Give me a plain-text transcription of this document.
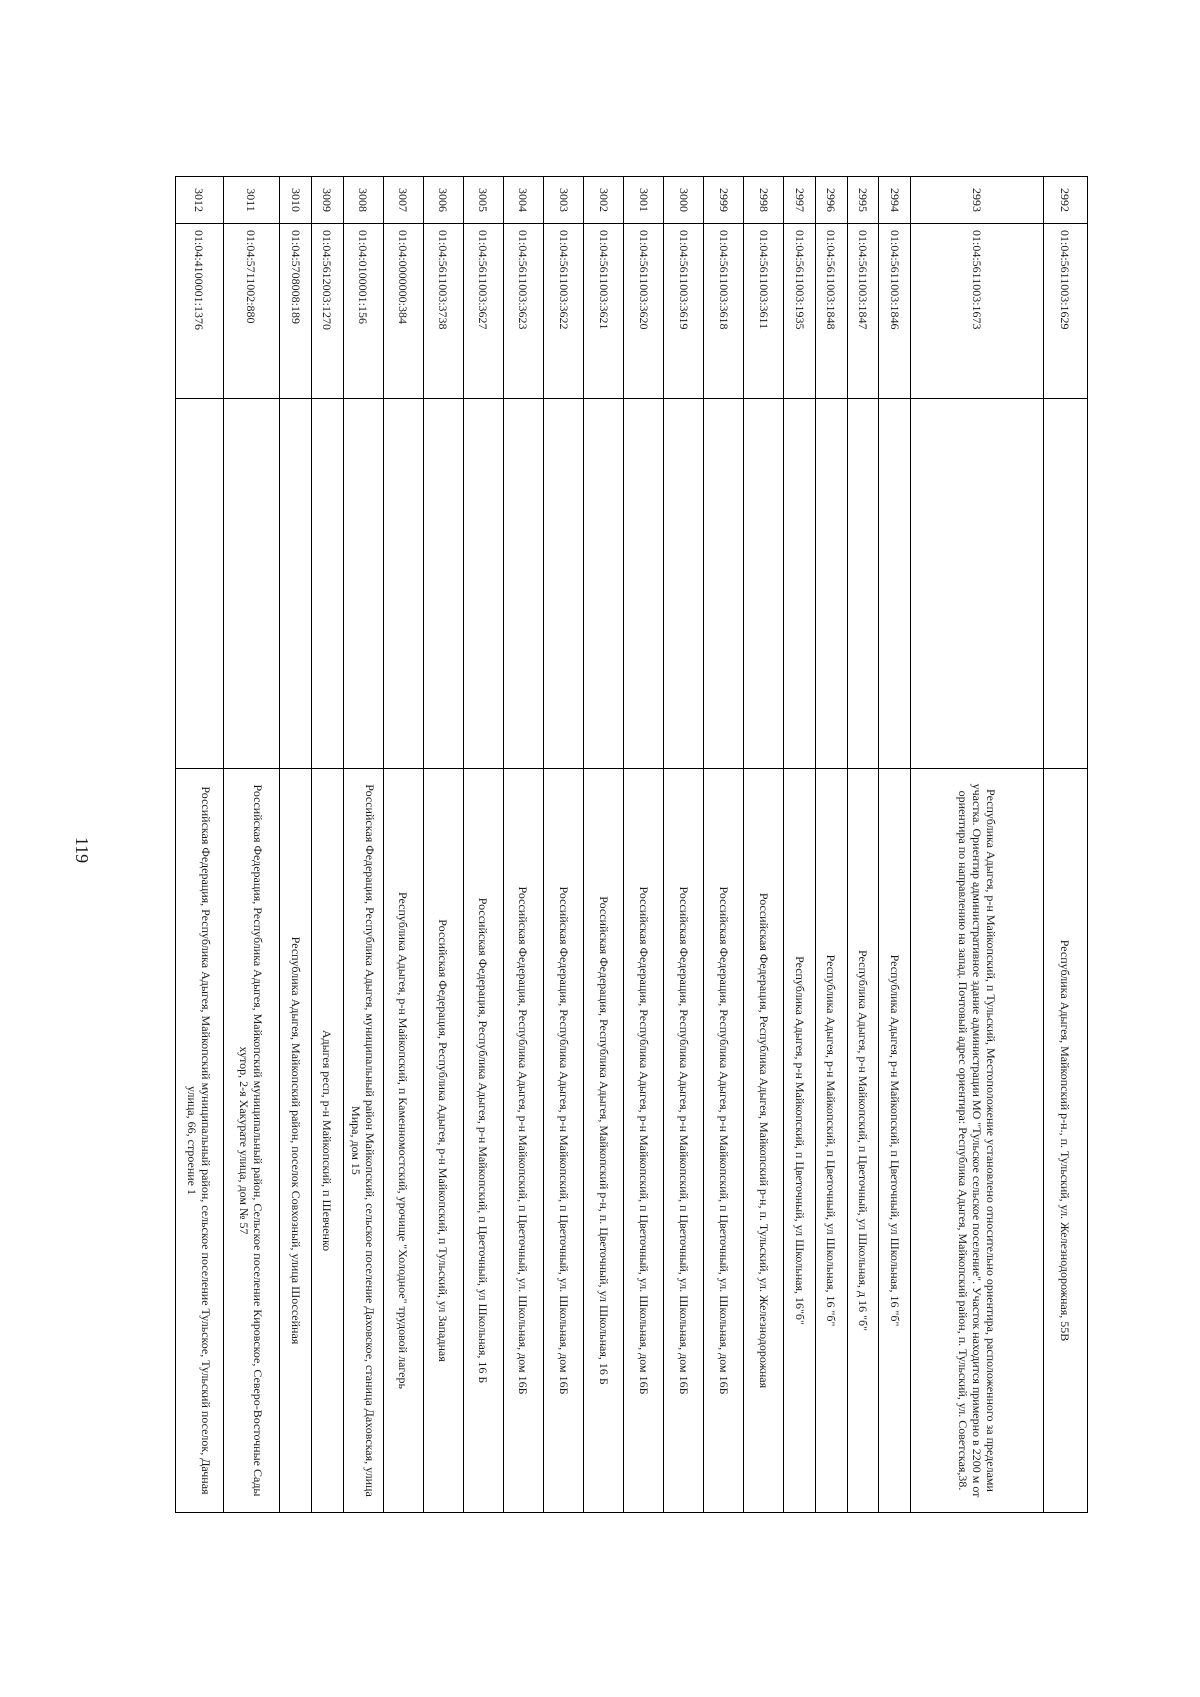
119
2992	01:04:5611003:1629		Республика Адыгея, Майкопский р-н., п. Тульский, ул. Железнодорожная, 55В
2993	01:04:5611003:1673		Республика Адыгея, р-н Майкопский, п Тульский, Местоположение установлено относительно ориентира, расположенного за пределами участка. Ориентир административное здание администрации МО "Тульское сельское поселение". Участок находится примерно в 2200 м от ориентира по направлению на запад. Почтовый адрес ориентира: Республика Адыгея, Майкопский район, п. Тульский, ул. Советская,38.
2994	01:04:5611003:1846		Республика Адыгея, р-н Майкопский, п Цветочный, ул Школьная, 16 "б"
2995	01:04:5611003:1847		Республика Адыгея, р-н Майкопский, п Цветочный, ул Школьная, д 16 "б"
2996	01:04:5611003:1848		Республика Адыгея, р-н Майкопский, п Цветочный, ул Школьная, 16 "б"
2997	01:04:5611003:1935		Республика Адыгея, р-н Майкопский, п Цветочный, ул Школьная, 16"б"
2998	01:04:5611003:3611		Российская Федерация, Республика Адыгея, Майкопский р-н, п. Тульский, ул. Железнодорожная
2999	01:04:5611003:3618		Российская Федерация, Республика Адыгея, р-н Майкопский, п Цветочный, ул. Школьная, дом 16Б
3000	01:04:5611003:3619		Российская Федерация, Республика Адыгея, р-н Майкопский, п Цветочный, ул. Школьная, дом 16Б
3001	01:04:5611003:3620		Российская Федерация, Республика Адыгея, р-н Майкопский, п Цветочный, ул. Школьная, дом 16Б
3002	01:04:5611003:3621		Российская Федерация, Республика Адыгея, Майкопский р-н, п. Цветочный, ул Школьная, 16 Б
3003	01:04:5611003:3622		Российская Федерация, Республика Адыгея, р-н Майкопский, п Цветочный, ул. Школьная, дом 16Б
3004	01:04:5611003:3623		Российская Федерация, Республика Адыгея, р-н Майкопский, п Цветочный, ул. Школьная, дом 16Б
3005	01:04:5611003:3627		Российская Федерация, Республика Адыгея, р-н Майкопский, п Цветочный, ул Школьная, 16 Б
3006	01:04:5611003:3738		Российская Федерация, Республика Адыгея, р-н Майкопский, п Тульский, ул Западная
3007	01:04:0000000:384		Республика Адыгея, р-н Майкопский, п Каменномостский, урочище "Холодное" трудовой лагерь
3008	01:04:0100001:156		Российская Федерация, Республика Адыгея, муниципальный район Майкопский, сельское поселение Даховское, станица Даховская, улица Мира, дом 15
3009	01:04:5612003:1270		Адыгея респ, р-н Майкопский, п Шевченко
3010	01:04:5708008:189		Республика Адыгея, Майкопский район, поселок Совхозный, улица Шоссейная
3011	01:04:5711002:880		Российская Федерация, Республика Адыгея, Майкопский муниципальный район, Сельское поселение Кировское, Северо-Восточные Сады хутор, 2-я Хакурате улица, дом № 57
3012	01:04:4100001:1376		Российская Федерация, Республика Адыгея, Майкопский муниципальный район, сельское поселение Тульское, Тульский поселок, Дачная улица, 66, строение 1
